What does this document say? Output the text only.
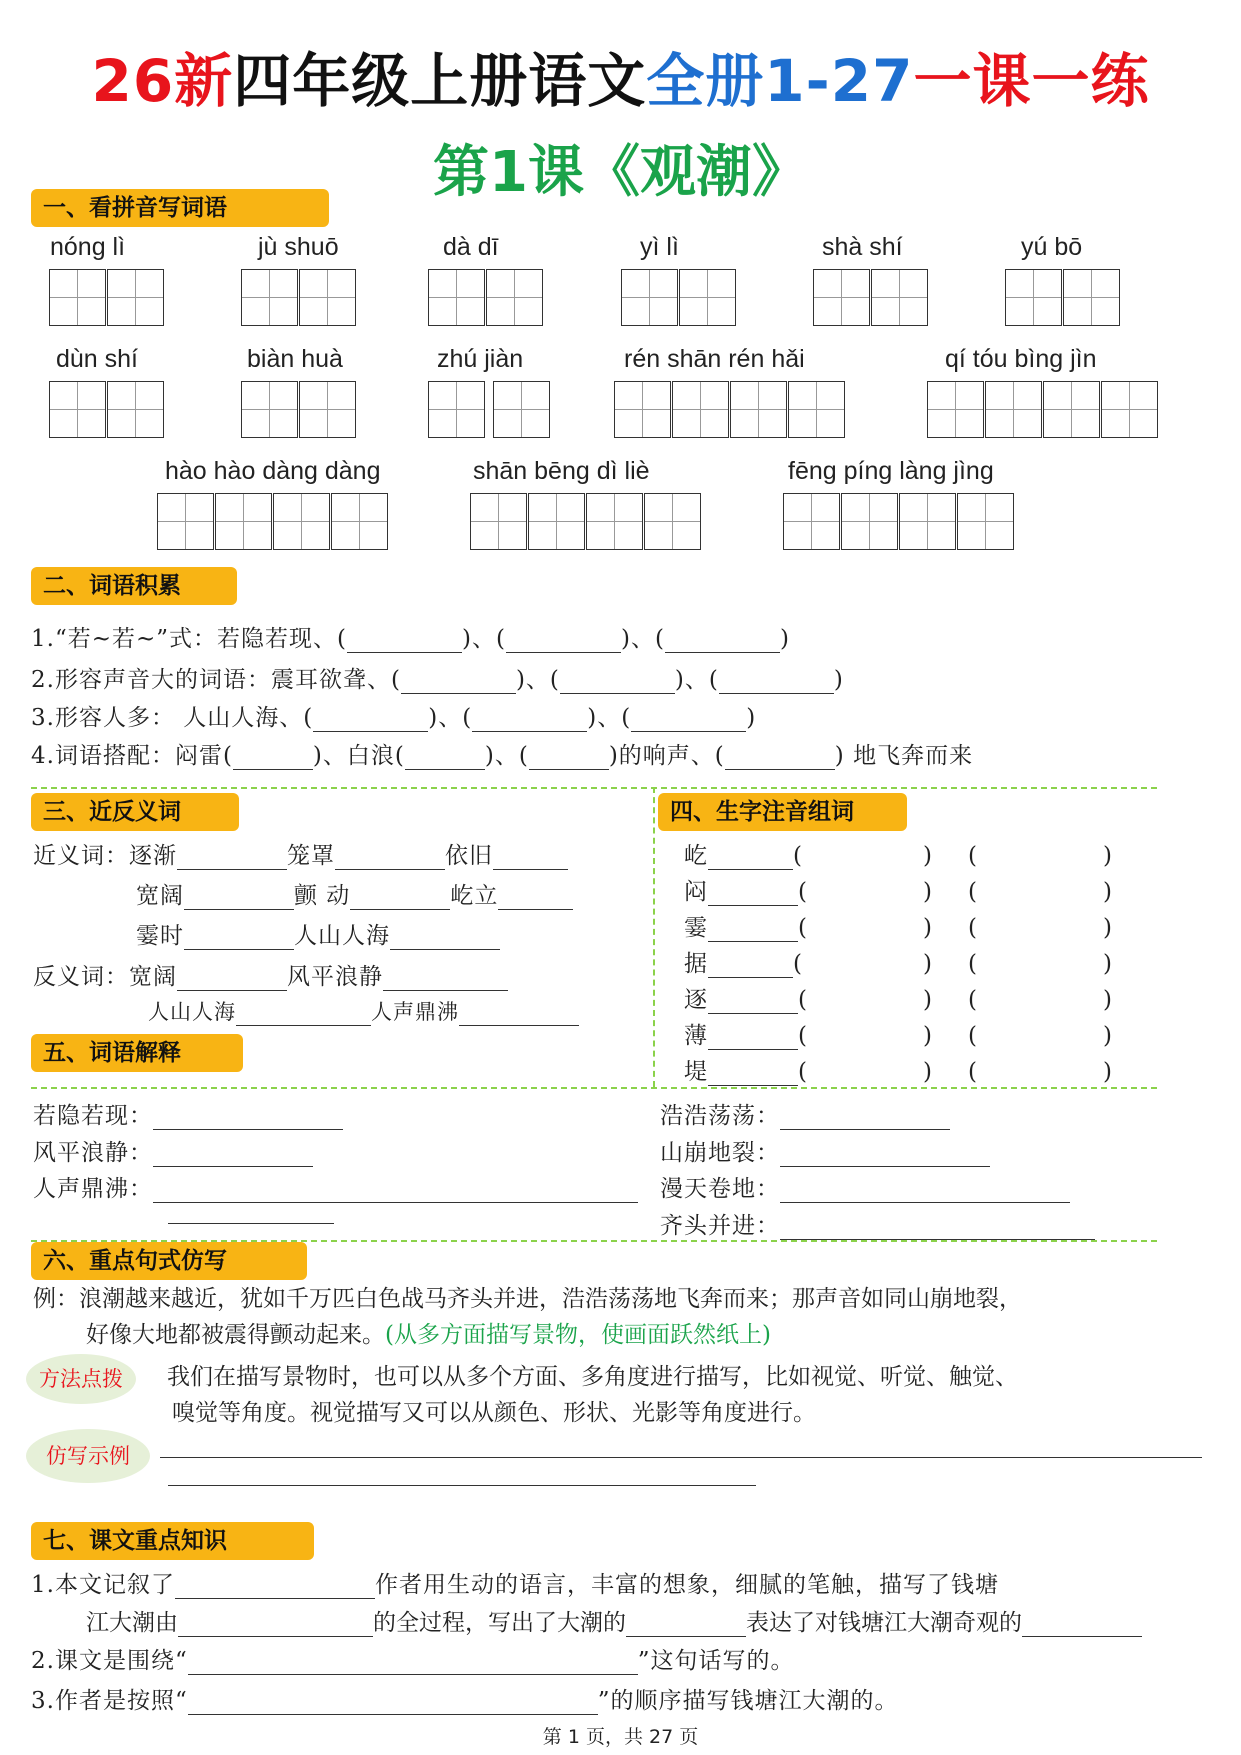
26新四年级上册语文全册1-27一课一练
第1课《观潮》
一、看拼音写词语
nóng lì	jù shuō	dà dī	yì lì	shà shí	yú bō
dùn shí	biàn huà	zhú jiàn	rén shān rén hǎi	qí tóu bìng jìn
hào hào dàng dàng	shān bēng dì liè	fēng píng làng jìng
二、词语积累
1.“若~若~”式：若隐若现、(	)、(	)、(	)
2.形容声音大的词语：震耳欲聋、(	)、(	)、(	)
3.形容人多： 人山人海、(	)、(	)、(	)
4.词语搭配：闷雷(	)、白浪(	)、(	)的响声、(	) 地飞奔而来
三、近反义词
近义词：逐渐	笼罩	依旧
宽阔	颤 动	屹立
霎时	人山人海
反义词：宽阔	风平浪静
人山人海	人声鼎沸
四、生字注音组词
屹	(	) (	)
闷	(	) (	)
霎	(	) (	)
据	(	) (	)
逐	(	) (	)
薄	(	) (	)
堤	(	) (	)
五、词语解释
若隐若现：
风平浪静：
人声鼎沸：

浩浩荡荡：
山崩地裂：
漫天卷地：
齐头并进：
六、重点句式仿写
例：浪潮越来越近，犹如千万匹白色战马齐头并进，浩浩荡荡地飞奔而来；那声音如同山崩地裂，
好像大地都被震得颤动起来。(从多方面描写景物，使画面跃然纸上)
方法点拨	我们在描写景物时，也可以从多个方面、多角度进行描写，比如视觉、听觉、触觉、
嗅觉等角度。视觉描写又可以从颜色、形状、光影等角度进行。
仿写示例

七、课文重点知识
1.本文记叙了	作者用生动的语言，丰富的想象，细腻的笔触，描写了钱塘
江大潮由	的全过程，写出了大潮的	表达了对钱塘江大潮奇观的
2.课文是围绕“	”这句话写的。
3.作者是按照“	”的顺序描写钱塘江大潮的。
第 1 页，共 27 页
